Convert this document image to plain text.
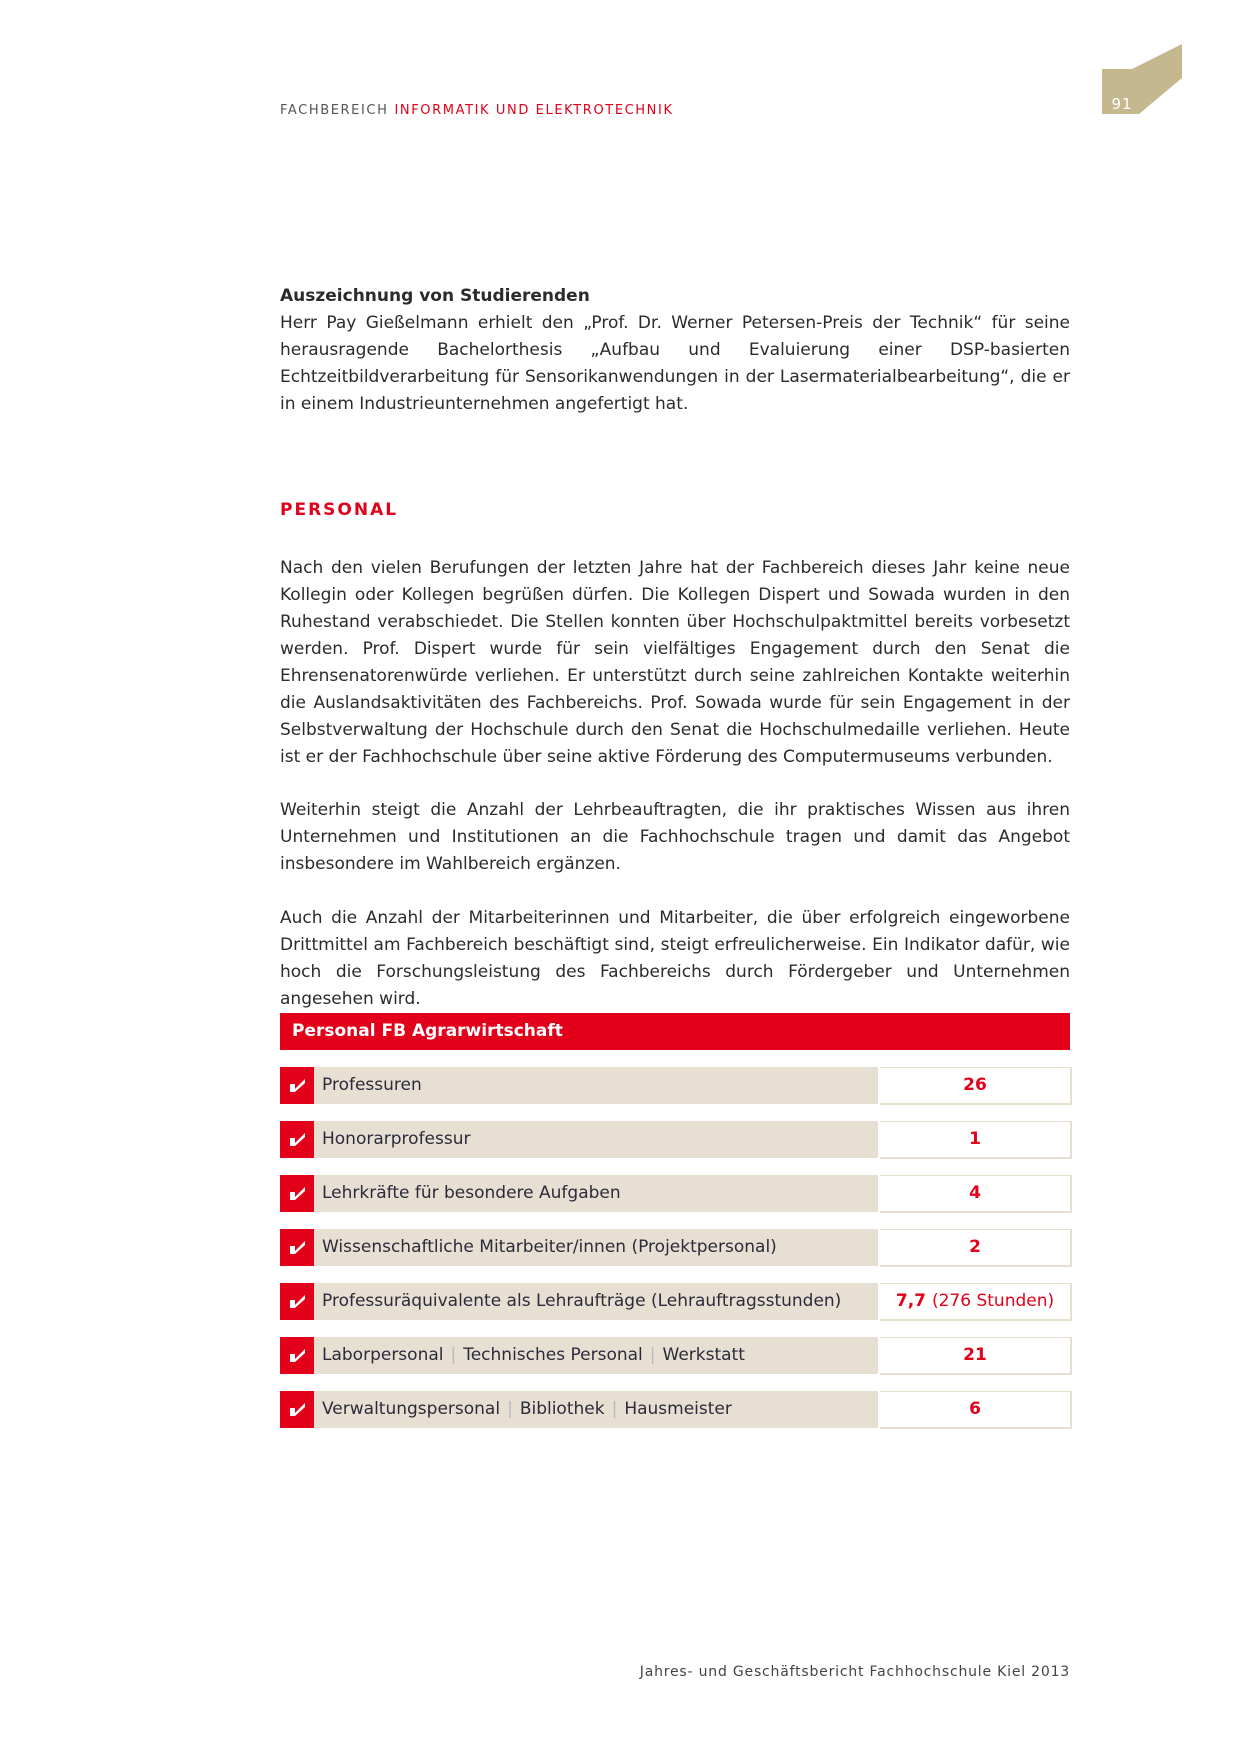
FACHBEREICH INFORMATIK UND ELEKTROTECHNIK	91
Auszeichnung von Studierenden

Herr Pay Gießelmann erhielt den „Prof. Dr. Werner Petersen-Preis der Technik“ für seine herausragende Bachelorthesis „Aufbau und Evaluierung einer DSP-basierten Echtzeitbildverarbeitung für Sensorikanwendungen in der Lasermaterialbearbeitung“, die er in einem Industrieunternehmen angefertigt hat.

PERSONAL

Nach den vielen Berufungen der letzten Jahre hat der Fachbereich dieses Jahr keine neue Kollegin oder Kollegen begrüßen dürfen. Die Kollegen Dispert und Sowada wurden in den Ruhestand verabschiedet. Die Stellen konnten über Hochschulpaktmittel bereits vorbesetzt werden. Prof. Dispert wurde für sein vielfältiges Engagement durch den Senat die Ehrensenatorenwürde verliehen. Er unterstützt durch seine zahlreichen Kontakte weiterhin die Auslandsaktivitäten des Fachbereichs. Prof. Sowada wurde für sein Engagement in der Selbstverwaltung der Hochschule durch den Senat die Hochschulmedaille verliehen. Heute ist er der Fachhochschule über seine aktive Förderung des Computermuseums verbunden.

Weiterhin steigt die Anzahl der Lehrbeauftragten, die ihr praktisches Wissen aus ihren Unternehmen und Institutionen an die Fachhochschule tragen und damit das Angebot insbesondere im Wahlbereich ergänzen.

Auch die Anzahl der Mitarbeiterinnen und Mitarbeiter, die über erfolgreich eingeworbene Drittmittel am Fachbereich beschäftigt sind, steigt erfreulicherweise. Ein Indikator dafür, wie hoch die Forschungsleistung des Fachbereichs durch Fördergeber und Unternehmen angesehen wird.

Personal FB Agrarwirtschaft
Professuren	26
Honorarprofessur	1
Lehrkräfte für besondere Aufgaben	4
Wissenschaftliche Mitarbeiter/innen (Projektpersonal)	2
Professuräquivalente als Lehraufträge (Lehrauftragsstunden)	7,7 (276 Stunden)
Laborpersonal | Technisches Personal | Werkstatt	21
Verwaltungspersonal | Bibliothek | Hausmeister	6
Jahres- und Geschäftsbericht Fachhochschule Kiel 2013
